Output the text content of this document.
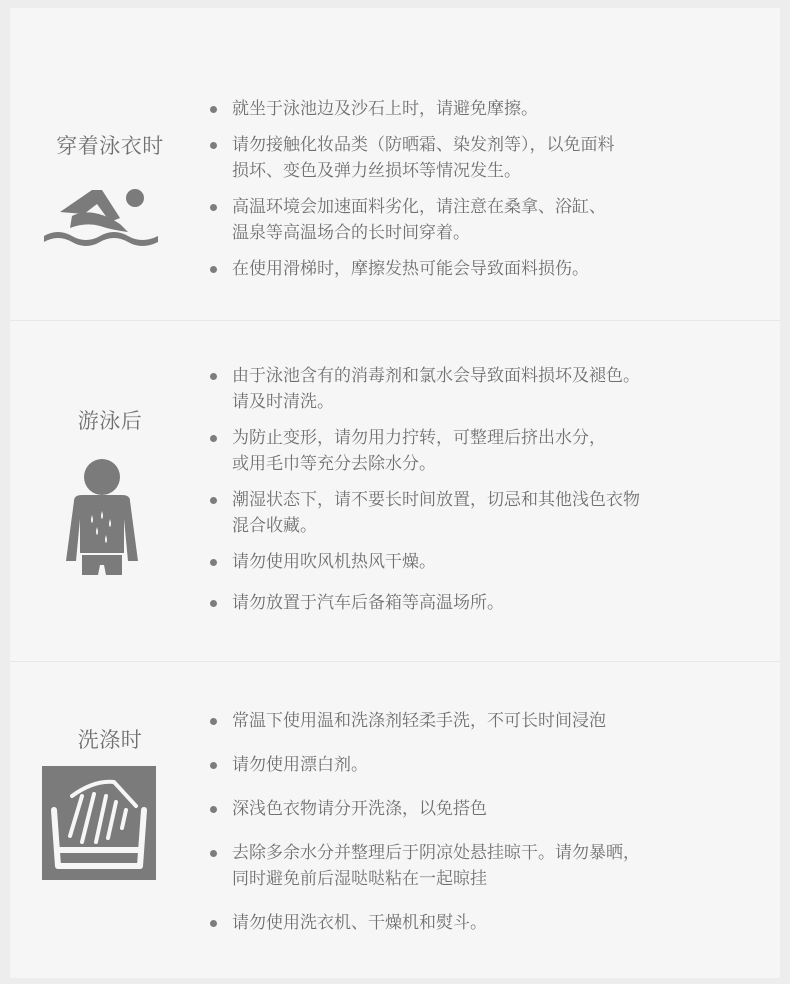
穿着泳衣时
就坐于泳池边及沙石上时，请避免摩擦。
请勿接触化妆品类（防晒霜、染发剂等），以免面料
损坏、变色及弹力丝损坏等情况发生。
高温环境会加速面料劣化，请注意在桑拿、浴缸、
温泉等高温场合的长时间穿着。
在使用滑梯时，摩擦发热可能会导致面料损伤。
游泳后
由于泳池含有的消毒剂和氯水会导致面料损坏及褪色。
请及时清洗。
为防止变形，请勿用力拧转，可整理后挤出水分，
或用毛巾等充分去除水分。
潮湿状态下，请不要长时间放置，切忌和其他浅色衣物
混合收藏。
请勿使用吹风机热风干燥。
请勿放置于汽车后备箱等高温场所。
洗涤时
常温下使用温和洗涤剂轻柔手洗，不可长时间浸泡
请勿使用漂白剂。
深浅色衣物请分开洗涤，以免搭色
去除多余水分并整理后于阴凉处悬挂晾干。请勿暴晒，
同时避免前后湿哒哒粘在一起晾挂
请勿使用洗衣机、干燥机和熨斗。
